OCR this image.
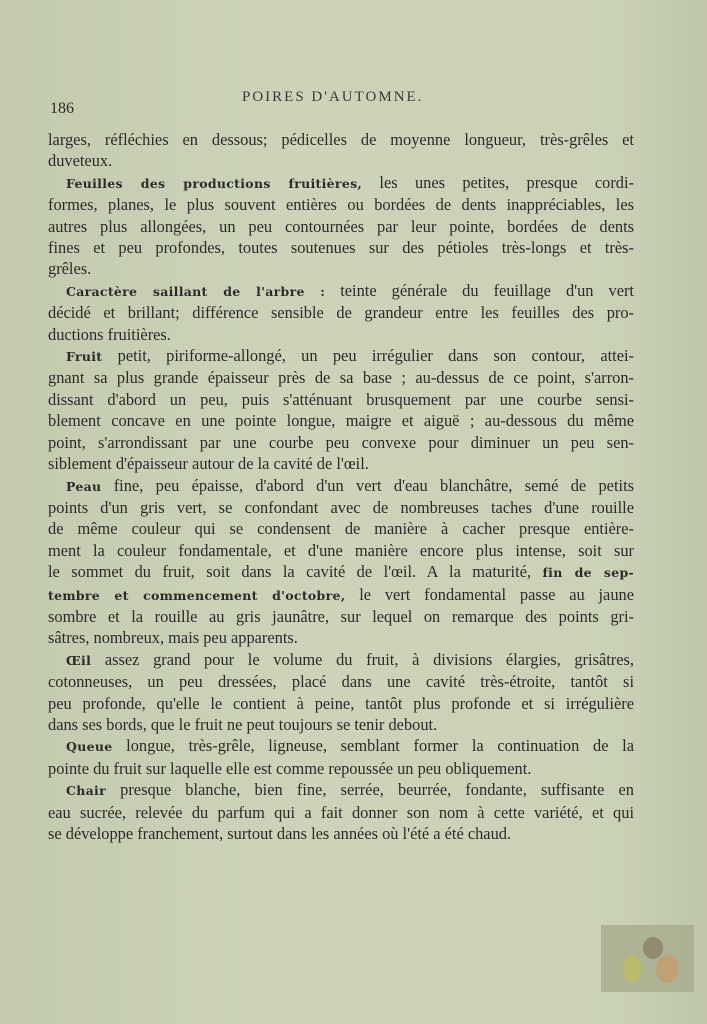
186
POIRES D'AUTOMNE.
larges, réfléchies en dessous; pédicelles de moyenne longueur, très-grêles et
duveteux.
Feuilles des productions fruitières, les unes petites, presque cordi-
formes, planes, le plus souvent entières ou bordées de dents inappréciables, les
autres plus allongées, un peu contournées par leur pointe, bordées de dents
fines et peu profondes, toutes soutenues sur des pétioles très-longs et très-
grêles.
Caractère saillant de l'arbre : teinte générale du feuillage d'un vert
décidé et brillant; différence sensible de grandeur entre les feuilles des pro-
ductions fruitières.
Fruit petit, piriforme-allongé, un peu irrégulier dans son contour, attei-
gnant sa plus grande épaisseur près de sa base ; au-dessus de ce point, s'arron-
dissant d'abord un peu, puis s'atténuant brusquement par une courbe sensi-
blement concave en une pointe longue, maigre et aiguë ; au-dessous du même
point, s'arrondissant par une courbe peu convexe pour diminuer un peu sen-
siblement d'épaisseur autour de la cavité de l'œil.
Peau fine, peu épaisse, d'abord d'un vert d'eau blanchâtre, semé de petits
points d'un gris vert, se confondant avec de nombreuses taches d'une rouille
de même couleur qui se condensent de manière à cacher presque entière-
ment la couleur fondamentale, et d'une manière encore plus intense, soit sur
le sommet du fruit, soit dans la cavité de l'œil. A la maturité, fin de sep-
tembre et commencement d'octobre, le vert fondamental passe au jaune
sombre et la rouille au gris jaunâtre, sur lequel on remarque des points gri-
sâtres, nombreux, mais peu apparents.
Œil assez grand pour le volume du fruit, à divisions élargies, grisâtres,
cotonneuses, un peu dressées, placé dans une cavité très-étroite, tantôt si
peu profonde, qu'elle le contient à peine, tantôt plus profonde et si irrégulière
dans ses bords, que le fruit ne peut toujours se tenir debout.
Queue longue, très-grêle, ligneuse, semblant former la continuation de la
pointe du fruit sur laquelle elle est comme repoussée un peu obliquement.
Chair presque blanche, bien fine, serrée, beurrée, fondante, suffisante en
eau sucrée, relevée du parfum qui a fait donner son nom à cette variété, et qui
se développe franchement, surtout dans les années où l'été a été chaud.
